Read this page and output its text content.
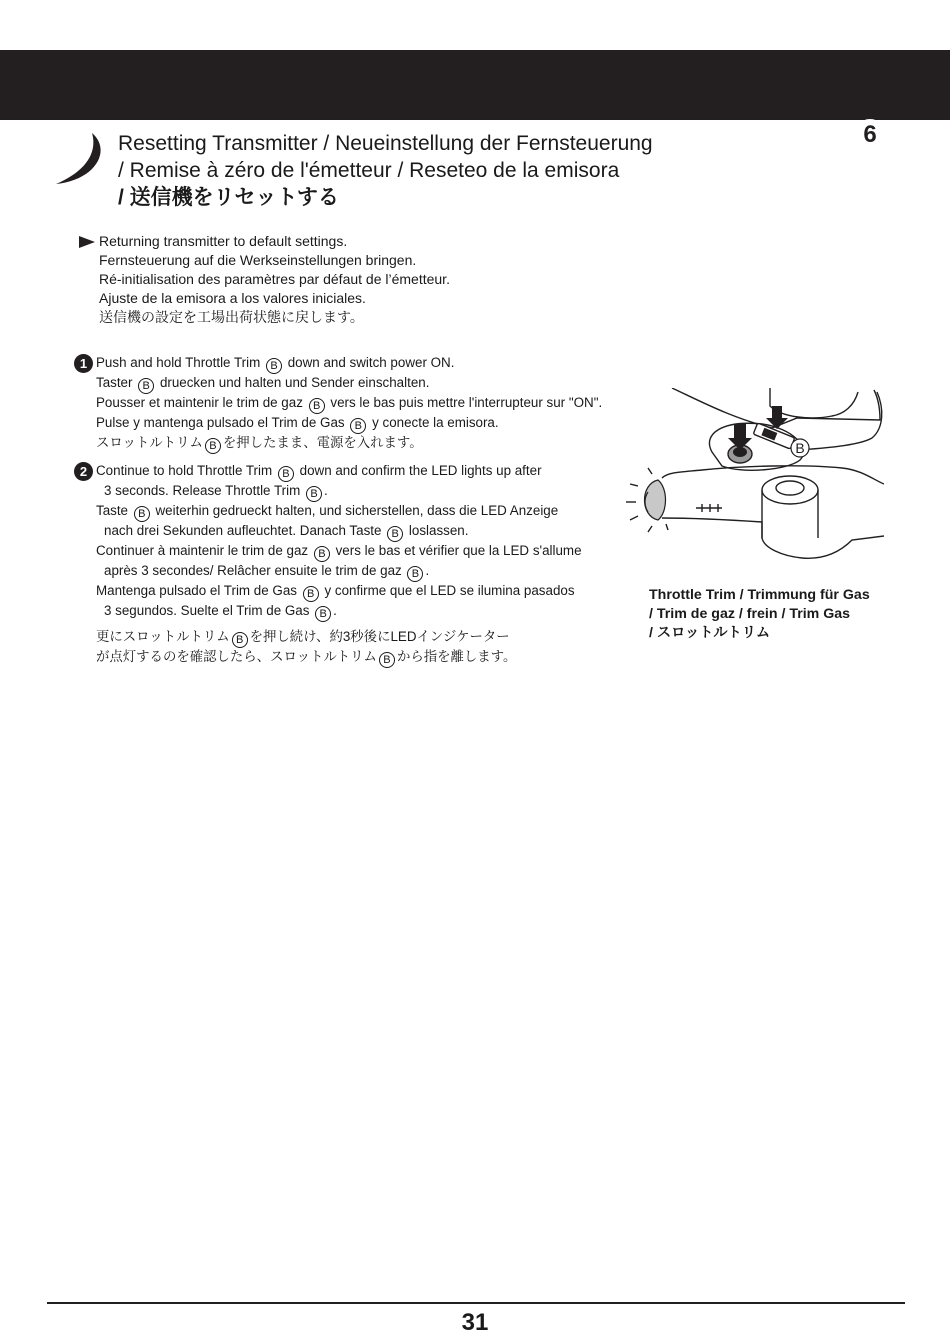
6
Resetting Transmitter / Neueinstellung der Fernsteuerung
/ Remise à zéro de l'émetteur / Reseteo de la emisora
/ 送信機をリセットする
Returning transmitter to default settings.
Fernsteuerung auf die Werkseinstellungen bringen.
Ré-initialisation des paramètres par défaut de l’émetteur.
Ajuste de la emisora a los valores iniciales.
送信機の設定を工場出荷状態に戻します。
1 Push and hold Throttle Trim B down and switch power ON.

Taster B druecken und halten und Sender einschalten.

Pousser et maintenir le trim de gaz B vers le bas puis mettre l'interrupteur sur "ON".

Pulse y mantenga pulsado el Trim de Gas B y conecte la emisora.

スロットルトリム B を押したまま、電源を入れます。

2 Continue to hold Throttle Trim B down and confirm the LED lights up after

3 seconds. Release Throttle Trim B .

Taste B weiterhin gedrueckt halten, und sicherstellen, dass die LED Anzeige

nach drei Sekunden aufleuchtet. Danach Taste B loslassen.

Continuer à maintenir le trim de gaz B vers le bas et vérifier que la LED s'allume

après 3 secondes/ Relâcher ensuite le trim de gaz B .

Mantenga pulsado el Trim de Gas B y confirme que el LED se ilumina pasados

3 segundos. Suelte el Trim de Gas B .

更にスロットルトリム B を押し続け、約3秒後にLEDインジケーター

が点灯するのを確認したら、スロットルトリム B から指を離します。

B

Throttle Trim / Trimmung für Gas

/ Trim de gaz / frein / Trim Gas

/ スロットルトリム

31
